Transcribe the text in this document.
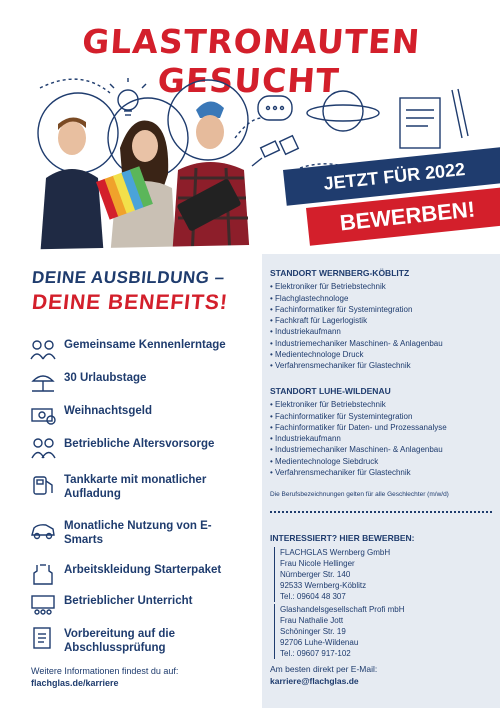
GLASTRONAUTEN GESUCHT
JETZT FÜR 2022
BEWERBEN!
DEINE AUSBILDUNG –
DEINE BENEFITS!
Gemeinsame Kennenlerntage
30 Urlaubstage
Weihnachtsgeld
Betriebliche Altersvorsorge
Tankkarte mit monatlicher Aufladung
Monatliche Nutzung von E-Smarts
Arbeitskleidung Starterpaket
Betrieblicher Unterricht
Vorbereitung auf die Abschlussprüfung
Weitere Informationen findest du auf:
flachglas.de/karriere
STANDORT WERNBERG-KÖBLITZ
• Elektroniker für Betriebstechnik
• Flachglastechnologe
• Fachinformatiker für Systemintegration
• Fachkraft für Lagerlogistik
• Industriekaufmann
• Industriemechaniker Maschinen- & Anlagenbau
• Medientechnologe Druck
• Verfahrensmechaniker für Glastechnik
STANDORT LUHE-WILDENAU
• Elektroniker für Betriebstechnik
• Fachinformatiker für Systemintegration
• Fachinformatiker für Daten- und Prozessanalyse
• Industriekaufmann
• Industriemechaniker Maschinen- & Anlagenbau
• Medientechnologe Siebdruck
• Verfahrensmechaniker für Glastechnik
Die Berufsbezeichnungen gelten für alle Geschlechter (m/w/d)
INTERESSIERT? HIER BEWERBEN:
FLACHGLAS Wernberg GmbH
Frau Nicole Hellinger
Nürnberger Str. 140
92533 Wernberg-Köblitz
Tel.: 09604 48 307
Glashandelsgesellschaft Profi mbH
Frau Nathalie Jott
Schöninger Str. 19
92706 Luhe-Wildenau
Tel.: 09607 917-102
Am besten direkt per E-Mail:
karriere@flachglas.de
